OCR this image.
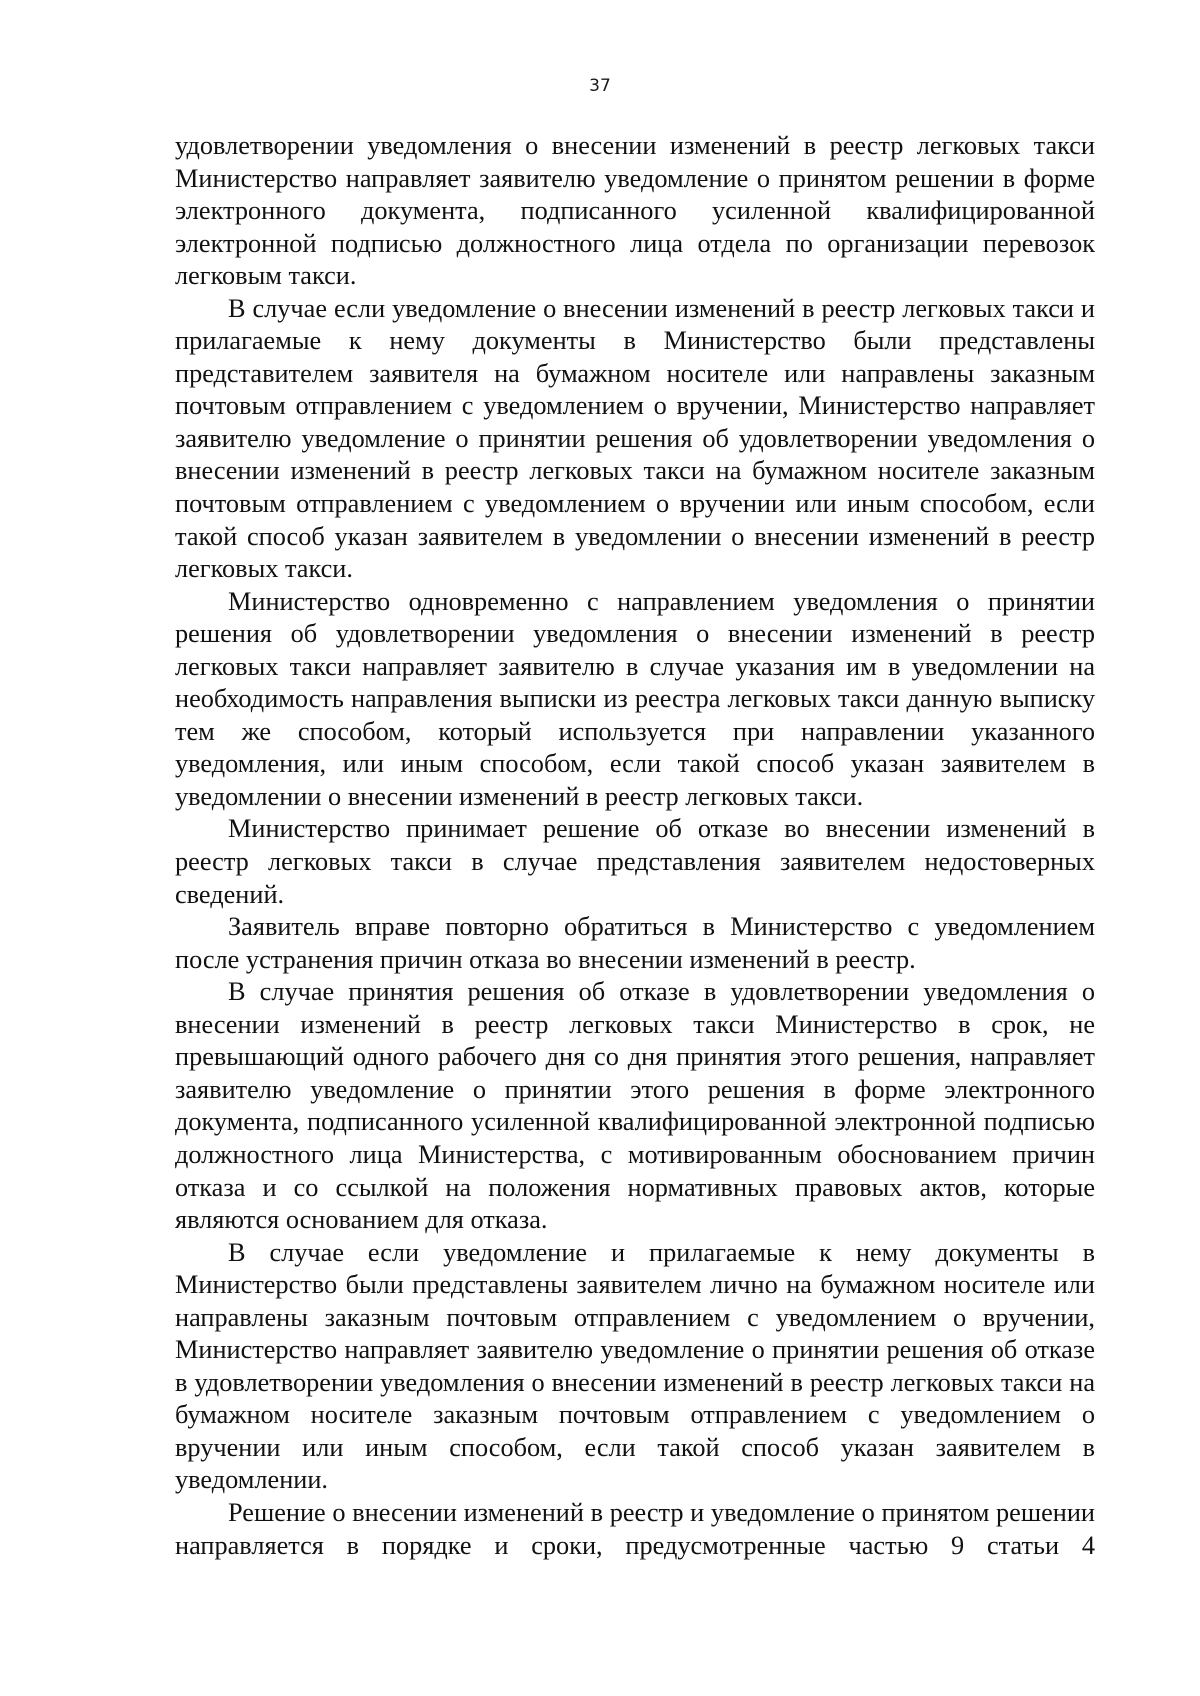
37

удовлетворении уведомления о внесении изменений в реестр легковых такси Министерство направляет заявителю уведомление о принятом решении в форме электронного документа, подписанного усиленной квалифицированной электронной подписью должностного лица отдела по организации перевозок легковым такси.

В случае если уведомление о внесении изменений в реестр легковых такси и прилагаемые к нему документы в Министерство были представлены представителем заявителя на бумажном носителе или направлены заказным почтовым отправлением с уведомлением о вручении, Министерство направляет заявителю уведомление о принятии решения об удовлетворении уведомления о внесении изменений в реестр легковых такси на бумажном носителе заказным почтовым отправлением с уведомлением о вручении или иным способом, если такой способ указан заявителем в уведомлении о внесении изменений в реестр легковых такси.

Министерство одновременно с направлением уведомления о принятии решения об удовлетворении уведомления о внесении изменений в реестр легковых такси направляет заявителю в случае указания им в уведомлении на необходимость направления выписки из реестра легковых такси данную выписку тем же способом, который используется при направлении указанного уведомления, или иным способом, если такой способ указан заявителем в уведомлении о внесении изменений в реестр легковых такси.

Министерство принимает решение об отказе во внесении изменений в реестр легковых такси в случае представления заявителем недостоверных сведений.

Заявитель вправе повторно обратиться в Министерство с уведомлением после устранения причин отказа во внесении изменений в реестр.

В случае принятия решения об отказе в удовлетворении уведомления о внесении изменений в реестр легковых такси Министерство в срок, не превышающий одного рабочего дня со дня принятия этого решения, направляет заявителю уведомление о принятии этого решения в форме электронного документа, подписанного усиленной квалифицированной электронной подписью должностного лица Министерства, с мотивированным обоснованием причин отказа и со ссылкой на положения нормативных правовых актов, которые являются основанием для отказа.

В случае если уведомление и прилагаемые к нему документы в Министерство были представлены заявителем лично на бумажном носителе или направлены заказным почтовым отправлением с уведомлением о вручении, Министерство направляет заявителю уведомление о принятии решения об отказе в удовлетворении уведомления о внесении изменений в реестр легковых такси на бумажном носителе заказным почтовым отправлением с уведомлением о вручении или иным способом, если такой способ указан заявителем в уведомлении.

Решение о внесении изменений в реестр и уведомление о принятом решении направляется в порядке и сроки, предусмотренные частью 9 статьи 4
